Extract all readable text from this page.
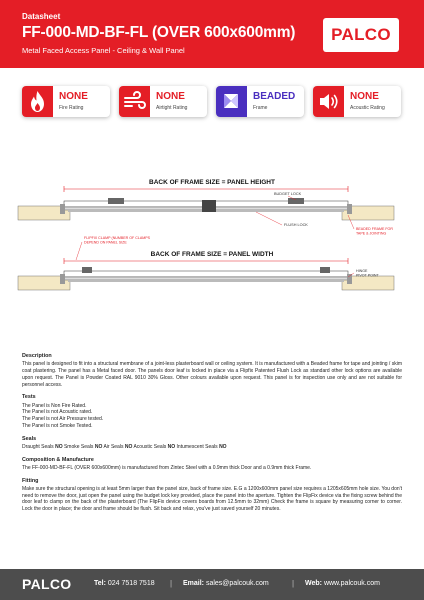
Datasheet
FF-000-MD-BF-FL (OVER 600x600mm)
Metal Faced Access Panel - Ceiling & Wall Panel
PALCO
NONE
Fire Rating
NONE
Airtight Rating
BEADED
Frame
NONE
Acoustic Rating
BACK OF FRAME SIZE = PANEL HEIGHT
BUDGET LOCK
FLUSH LOCK
BEADED FRAME FOR
TAPE & JOINTING
FLIPFIX CLAMP (NUMBER OF CLAMPS
DEPEND ON PANEL SIZE
BACK OF FRAME SIZE = PANEL WIDTH
HINGE
PIVOT POINT
Description
This panel is designed to fit into a structural membrane of a joint-less plasterboard wall or ceiling system. It is manufactured with a Beaded frame for tape and jointing / skim coat plastering. The panel has a Metal faced door. The panels door leaf is locked in place via a Flipfix Patented Flush Lock as standard other lock options are available upon request. The Panel is Powder Coated RAL 9010 30% Gloss. Other colours available upon request. This panel is for inspection use only and are not suitable for personnel access.
Tests
The Panel is Non Fire Rated.
The Panel is not Acoustic rated.
The Panel is not Air Pressure tested.
The Panel is not Smoke Tested.
Seals
Draught Seals NO Smoke Seals NO Air Seals NO Acoustic Seals NO Intumescent Seals NO
Composition & Manufacture
The FF-000-MD-BF-FL (OVER 600x600mm) is manufactured from Zintec Steel with a 0.9mm thick Door and a 0.9mm thick Frame.
Fitting
Make sure the structural opening is at least 5mm larger than the panel size, back of frame size. E.G a 1200x600mm panel size requires a 1205x605mm hole size. You don't need to remove the door, just open the panel using the budget lock key provided, place the panel into the aperture. Tighten the FlipFix device via the fixing screw behind the door leaf to clamp on the back of the plasterboard (The FlipFix device covers boards from 12.5mm to 32mm) Check the frame is square by measuring corner to corner. Lock the door in place; the door and frame should be flush. Sit back and relax, you've just saved yourself 20 minutes.
PALCO	Tel: 024 7518 7518 | Email: sales@palcouk.com	| Web: www.palcouk.com
